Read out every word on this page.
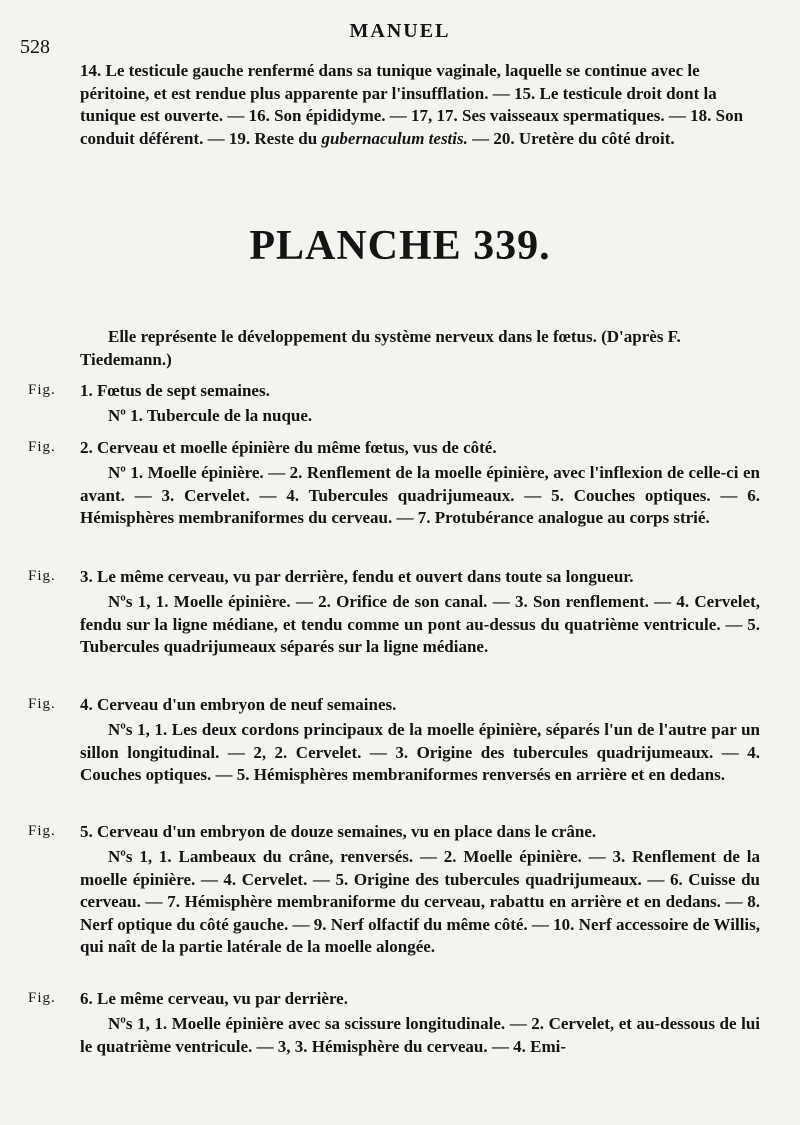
528
MANUEL
14. Le testicule gauche renfermé dans sa tunique vaginale, laquelle se continue avec le péritoine, et est rendue plus apparente par l'insufflation. — 15. Le testicule droit dont la tunique est ouverte. — 16. Son épididyme. — 17, 17. Ses vaisseaux spermatiques. — 18. Son conduit déférent. — 19. Reste du gubernaculum testis. — 20. Uretère du côté droit.
PLANCHE 339.
Elle représente le développement du système nerveux dans le fœtus. (D'après F. Tiedemann.)
Fig. 1. Fœtus de sept semaines.
Nº 1. Tubercule de la nuque.
Fig. 2. Cerveau et moelle épinière du même fœtus, vus de côté.
Nº 1. Moelle épinière. — 2. Renflement de la moelle épinière, avec l'inflexion de celle-ci en avant. — 3. Cervelet. — 4. Tubercules quadrijumeaux. — 5. Couches optiques. — 6. Hémisphères membraniformes du cerveau. — 7. Protubérance analogue au corps strié.
Fig. 3. Le même cerveau, vu par derrière, fendu et ouvert dans toute sa longueur.
Nºs 1, 1. Moelle épinière. — 2. Orifice de son canal. — 3. Son renflement. — 4. Cervelet, fendu sur la ligne médiane, et tendu comme un pont au-dessus du quatrième ventricule. — 5. Tubercules quadrijumeaux séparés sur la ligne médiane.
Fig. 4. Cerveau d'un embryon de neuf semaines.
Nºs 1, 1. Les deux cordons principaux de la moelle épinière, séparés l'un de l'autre par un sillon longitudinal. — 2, 2. Cervelet. — 3. Origine des tubercules quadrijumeaux. — 4. Couches optiques. — 5. Hémisphères membraniformes renversés en arrière et en dedans.
Fig. 5. Cerveau d'un embryon de douze semaines, vu en place dans le crâne.
Nºs 1, 1. Lambeaux du crâne, renversés. — 2. Moelle épinière. — 3. Renflement de la moelle épinière. — 4. Cervelet. — 5. Origine des tubercules quadrijumeaux. — 6. Cuisse du cerveau. — 7. Hémisphère membraniforme du cerveau, rabattu en arrière et en dedans. — 8. Nerf optique du côté gauche. — 9. Nerf olfactif du même côté. — 10. Nerf accessoire de Willis, qui naît de la partie latérale de la moelle alongée.
Fig. 6. Le même cerveau, vu par derrière.
Nºs 1, 1. Moelle épinière avec sa scissure longitudinale. — 2. Cervelet, et au-dessous de lui le quatrième ventricule. — 3, 3. Hémisphère du cerveau. — 4. Emi-
